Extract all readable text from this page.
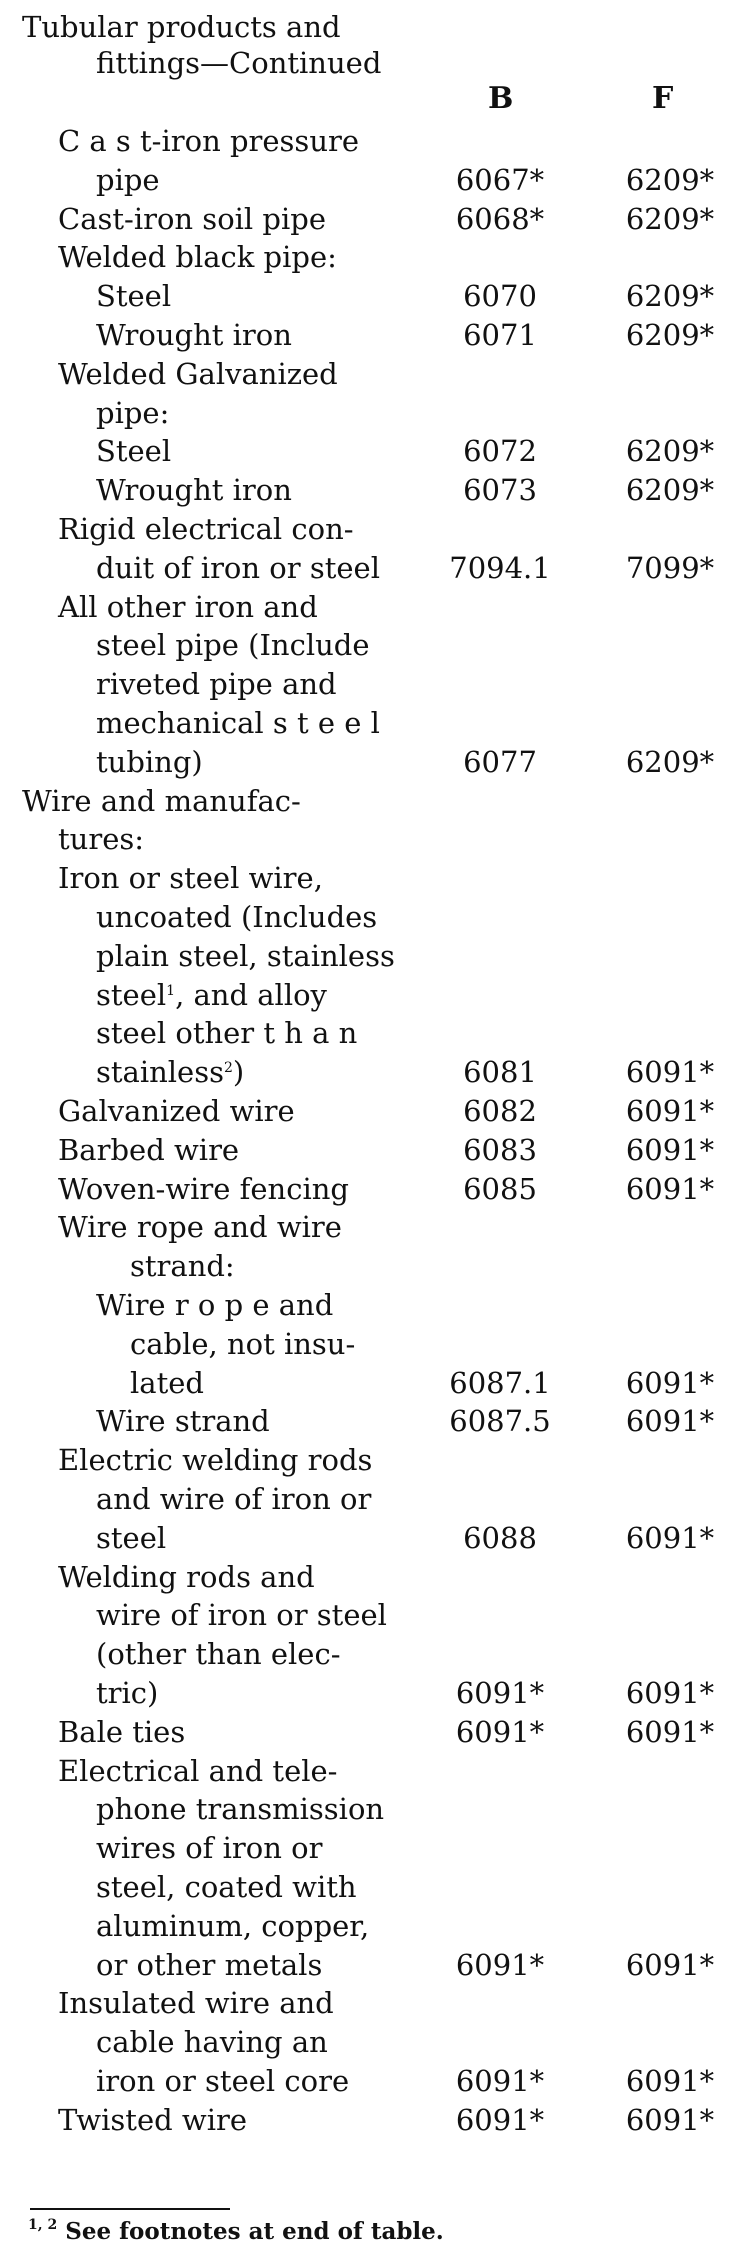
Tubular products and
fittings—Continued
B	F
C a s t-iron pressure
pipe	6067*	6209*
Cast-iron soil pipe	6068*	6209*
Welded black pipe:
Steel	6070	6209*
Wrought iron	6071	6209*
Welded Galvanized
pipe:
Steel	6072	6209*
Wrought iron	6073	6209*
Rigid electrical con-
duit of iron or steel	7094.1	7099*
All other iron and
steel pipe (Include
riveted pipe and
mechanical s t e e l
tubing)	6077	6209*
Wire and manufac-
tures:
Iron or steel wire,
uncoated (Includes
plain steel, stainless
steel$^1$, and alloy
steel other t h a n
stainless$^2$)	6081	6091*
Galvanized wire	6082	6091*
Barbed wire	6083	6091*
Woven-wire fencing	6085	6091*
Wire rope and wire
strand:
Wire r o p e and
cable, not insu-
lated	6087.1	6091*
Wire strand	6087.5	6091*
Electric welding rods
and wire of iron or
steel	6088	6091*
Welding rods and
wire of iron or steel
(other than elec-
tric)	6091*	6091*
Bale ties	6091*	6091*
Electrical and tele-
phone transmission
wires of iron or
steel, coated with
aluminum, copper,
or other metals	6091*	6091*
Insulated wire and
cable having an
iron or steel core	6091*	6091*
Twisted wire	6091*	6091*
$^{1, 2}$ See footnotes at end of table.
